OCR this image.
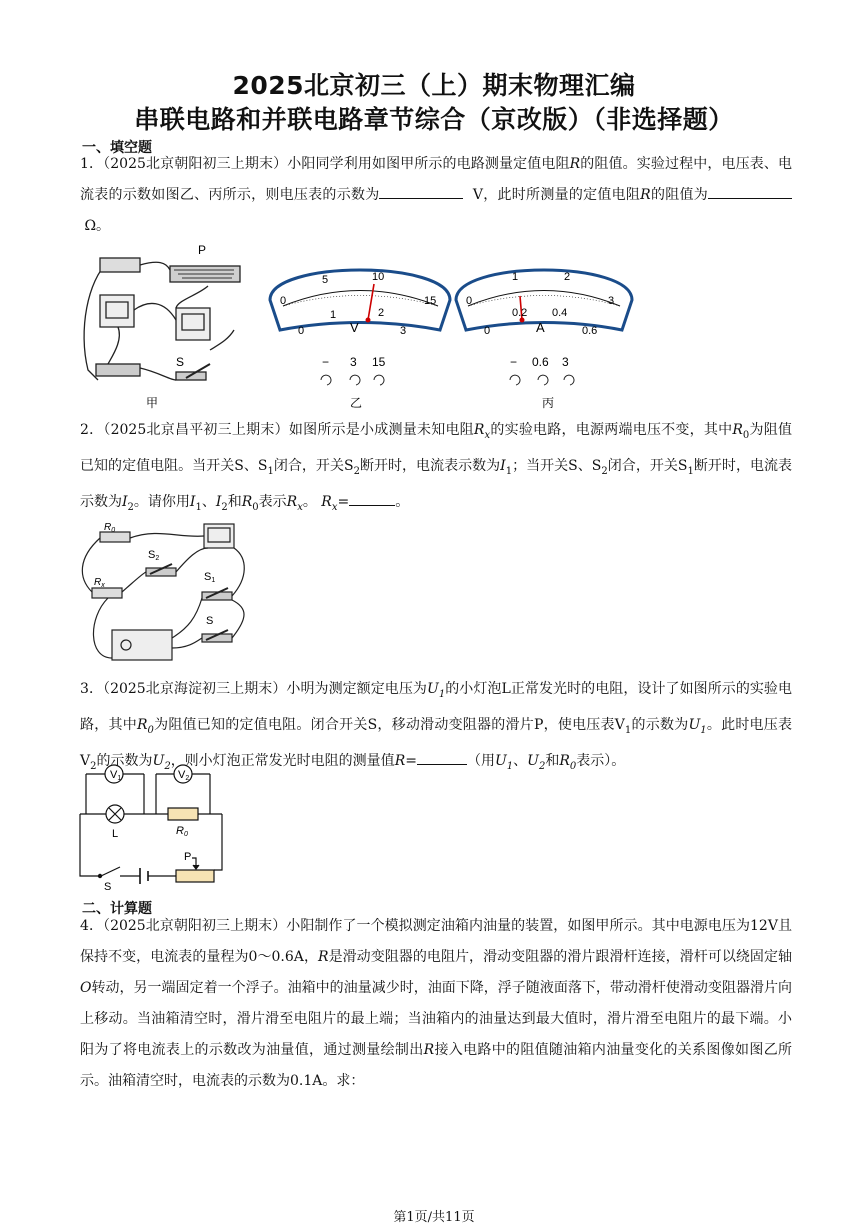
2025北京初三（上）期末物理汇编
串联电路和并联电路章节综合（京改版）（非选择题）
一、填空题
1．（2025北京朝阳初三上期末）小阳同学利用如图甲所示的电路测量定值电阻R的阻值。实验过程中，电压表、电流表的示数如图乙、丙所示，则电压表的示数为	V，此时所测量的定值电阻R的阻值为 Ω。
P
S
甲
0
5	10
15
0
1	2
3
V
− 3 15
乙
0
1	2
3
0
0.2 0.4
0.6
A
− 0.6 3
丙
2．（2025北京昌平初三上期末）如图所示是小成测量未知电阻$R_x$的实验电路，电源两端电压不变，其中$R_0$为阻值已知的定值电阻。当开关S、$S_1$闭合，开关$S_2$断开时，电流表示数为$I_1$；当开关S、$S_2$闭合，开关$S_1$断开时，电流表示数为$I_2$。请你用$I_1$、$I_2$和$R_0$表示$R_x$。 $R_x=$	。
$R_0$
$R_x$
S2
S1
S
3．（2025北京海淀初三上期末）小明为测定额定电压为$U_1$的小灯泡L正常发光时的电阻，设计了如图所示的实验电路，其中$R_0$为阻值已知的定值电阻。闭合开关S，移动滑动变阻器的滑片P，使电压表$V_1$的示数为$U_1$。此时电压表$V_2$的示数为$U_2$，则小灯泡正常发光时电阻的测量值R=	（用$U_1$、$U_2$和$R_0$表示）。
V1	V2
L	R0
P
S
二、计算题
4．（2025北京朝阳初三上期末）小阳制作了一个模拟测定油箱内油量的装置，如图甲所示。其中电源电压为12V且保持不变，电流表的量程为0～0.6A，R是滑动变阻器的电阻片，滑动变阻器的滑片跟滑杆连接，滑杆可以绕固定轴O转动，另一端固定着一个浮子。油箱中的油量减少时，油面下降，浮子随液面落下，带动滑杆使滑动变阻器滑片向上移动。当油箱清空时，滑片滑至电阻片的最上端；当油箱内的油量达到最大值时，滑片滑至电阻片的最下端。小阳为了将电流表上的示数改为油量值，通过测量绘制出R接入电路中的阻值随油箱内油量变化的关系图像如图乙所示。油箱清空时，电流表的示数为0.1A。求：
第1页/共11页
